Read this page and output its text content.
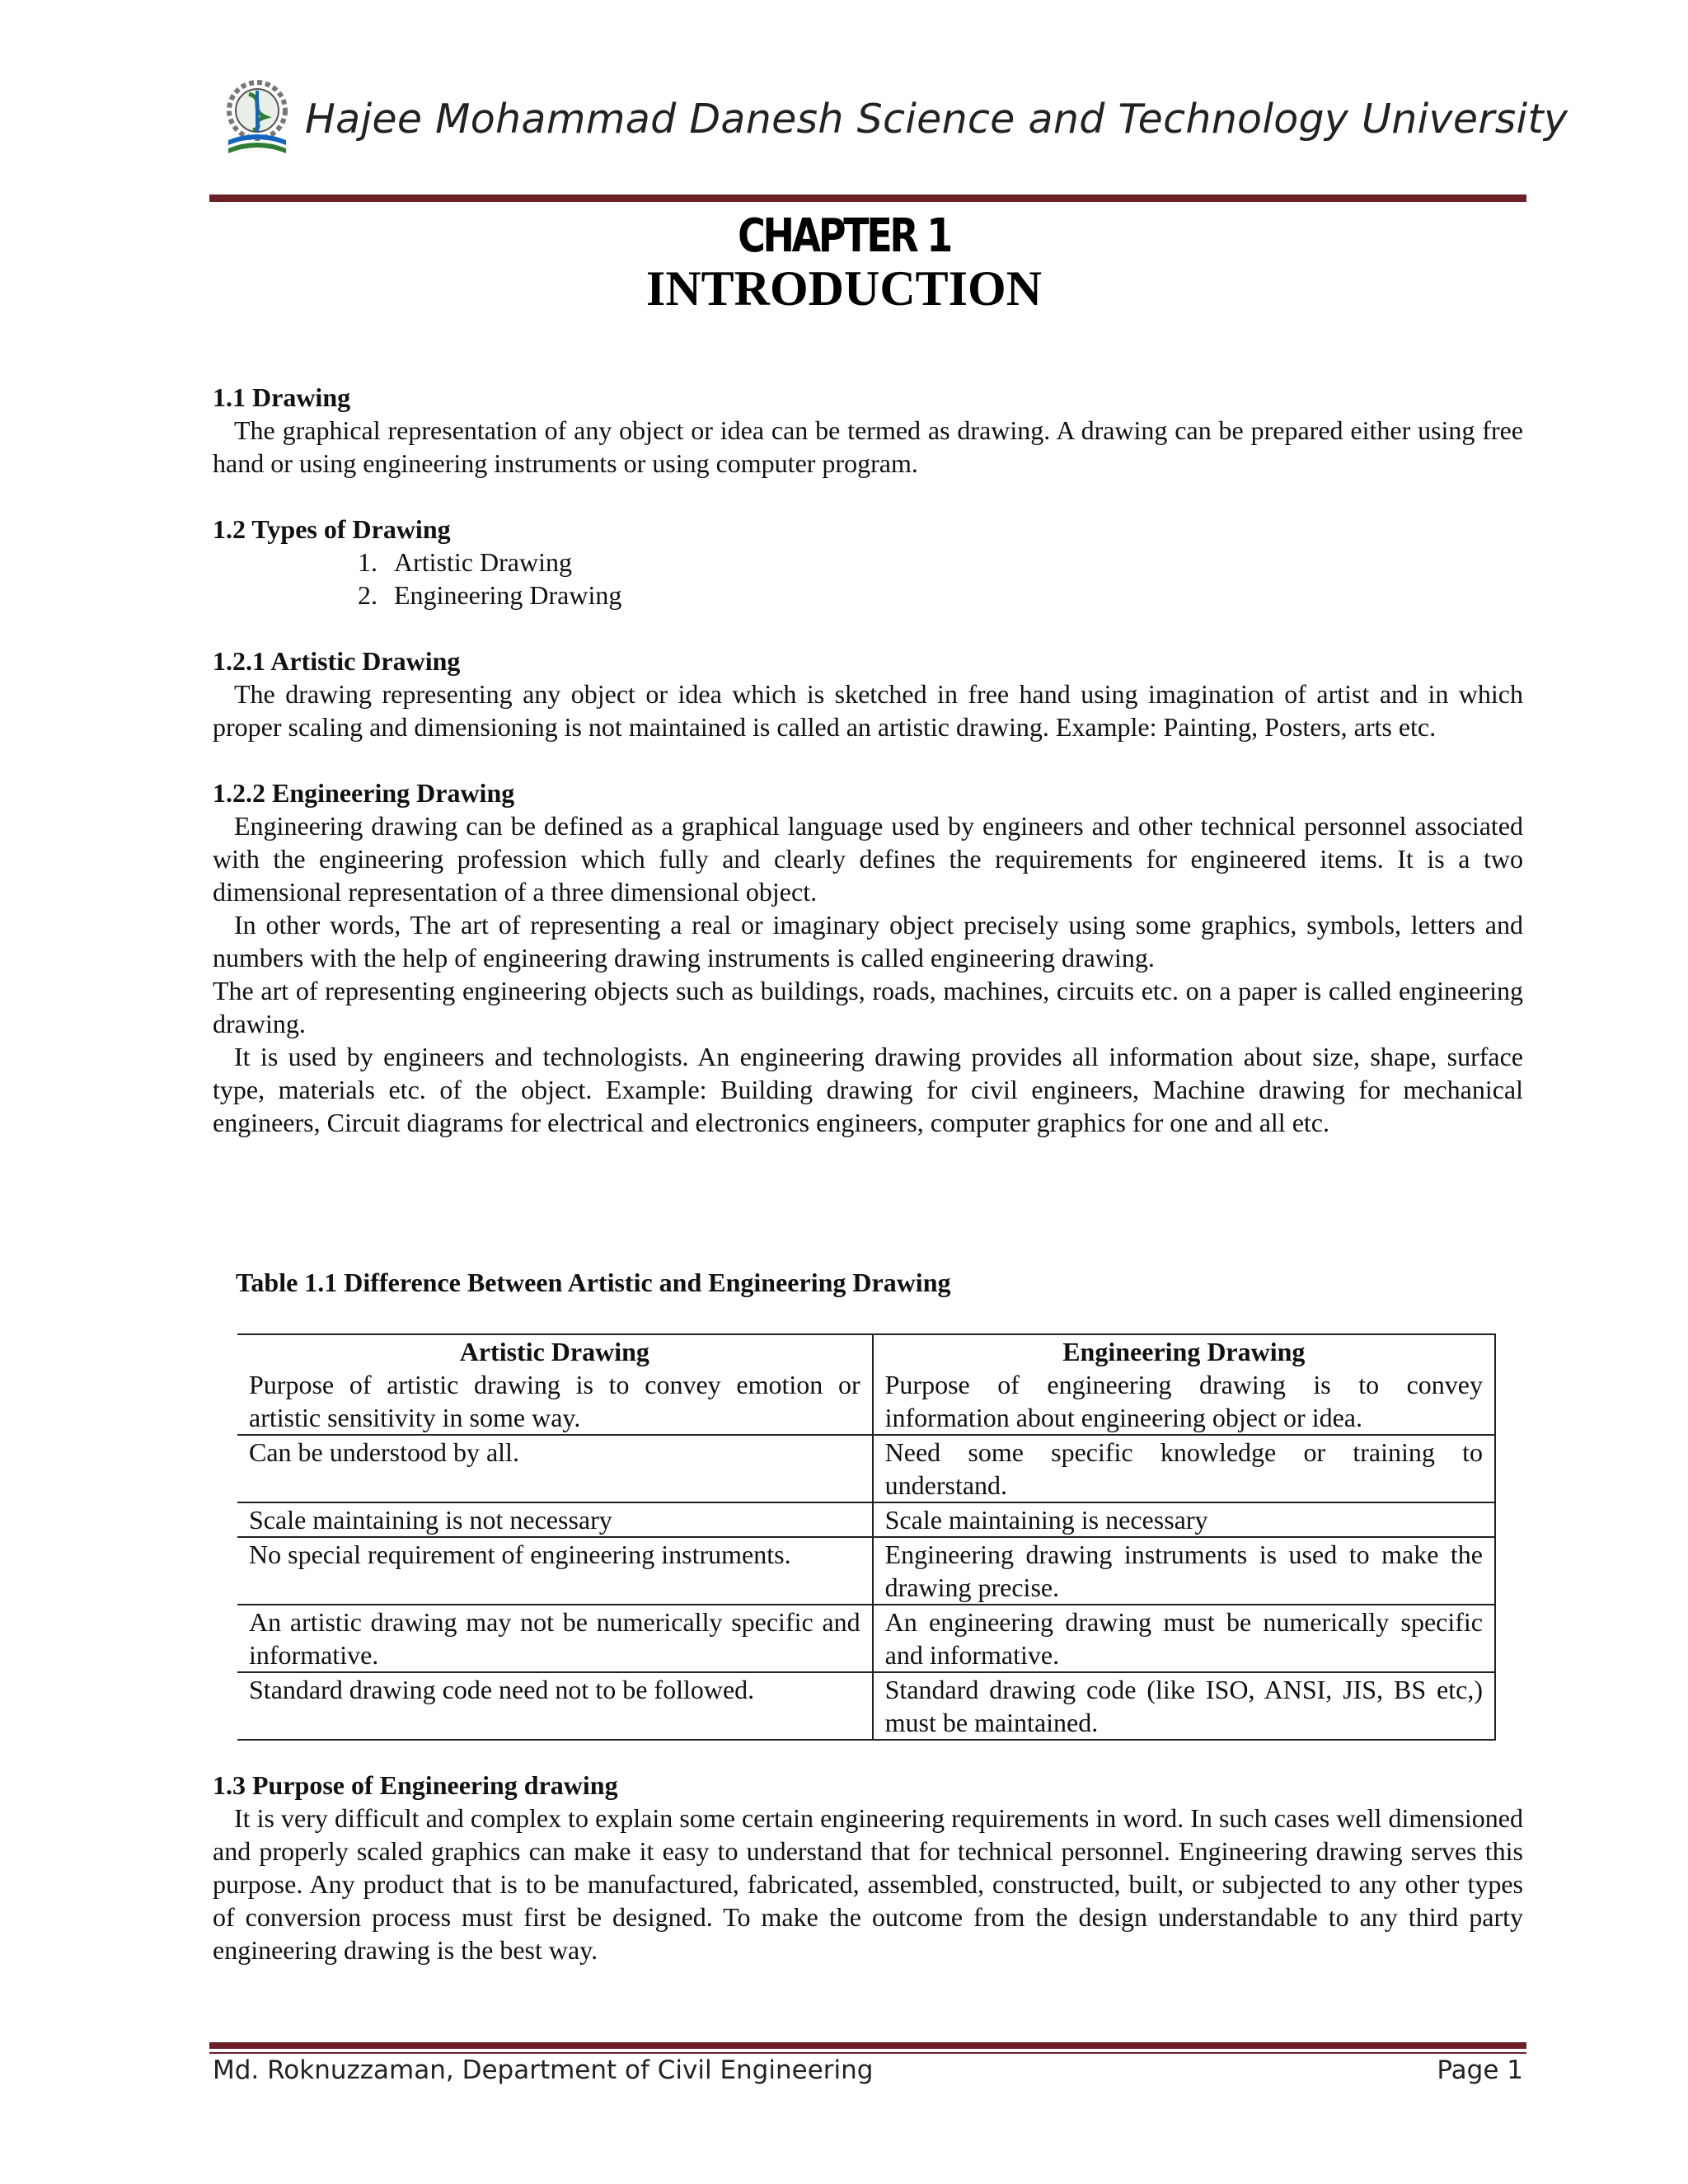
Hajee Mohammad Danesh Science and Technology University
CHAPTER 1
INTRODUCTION
1.1 Drawing
The graphical representation of any object or idea can be termed as drawing. A drawing can be prepared either using free hand or using engineering instruments or using computer program.
1.2 Types of Drawing
1. Artistic Drawing
2. Engineering Drawing
1.2.1 Artistic Drawing
The drawing representing any object or idea which is sketched in free hand using imagination of artist and in which proper scaling and dimensioning is not maintained is called an artistic drawing. Example: Painting, Posters, arts etc.
1.2.2 Engineering Drawing
Engineering drawing can be defined as a graphical language used by engineers and other technical personnel associated with the engineering profession which fully and clearly defines the requirements for engineered items. It is a two dimensional representation of a three dimensional object.
In other words, The art of representing a real or imaginary object precisely using some graphics, symbols, letters and numbers with the help of engineering drawing instruments is called engineering drawing.
The art of representing engineering objects such as buildings, roads, machines, circuits etc. on a paper is called engineering drawing.
It is used by engineers and technologists. An engineering drawing provides all information about size, shape, surface type, materials etc. of the object. Example: Building drawing for civil engineers, Machine drawing for mechanical engineers, Circuit diagrams for electrical and electronics engineers, computer graphics for one and all etc.
Table 1.1 Difference Between Artistic and Engineering Drawing
Artistic Drawing	Engineering Drawing
Purpose of artistic drawing is to convey emotion or artistic sensitivity in some way.	Purpose of engineering drawing is to convey information about engineering object or idea.
Can be understood by all.	Need some specific knowledge or training to understand.
Scale maintaining is not necessary	Scale maintaining is necessary
No special requirement of engineering instruments.	Engineering drawing instruments is used to make the drawing precise.
An artistic drawing may not be numerically specific and informative.	An engineering drawing must be numerically specific and informative.
Standard drawing code need not to be followed.	Standard drawing code (like ISO, ANSI, JIS, BS etc,) must be maintained.
1.3 Purpose of Engineering drawing
It is very difficult and complex to explain some certain engineering requirements in word. In such cases well dimensioned and properly scaled graphics can make it easy to understand that for technical personnel. Engineering drawing serves this purpose. Any product that is to be manufactured, fabricated, assembled, constructed, built, or subjected to any other types of conversion process must first be designed. To make the outcome from the design understandable to any third party engineering drawing is the best way.
Md. Roknuzzaman, Department of Civil Engineering	Page 1
